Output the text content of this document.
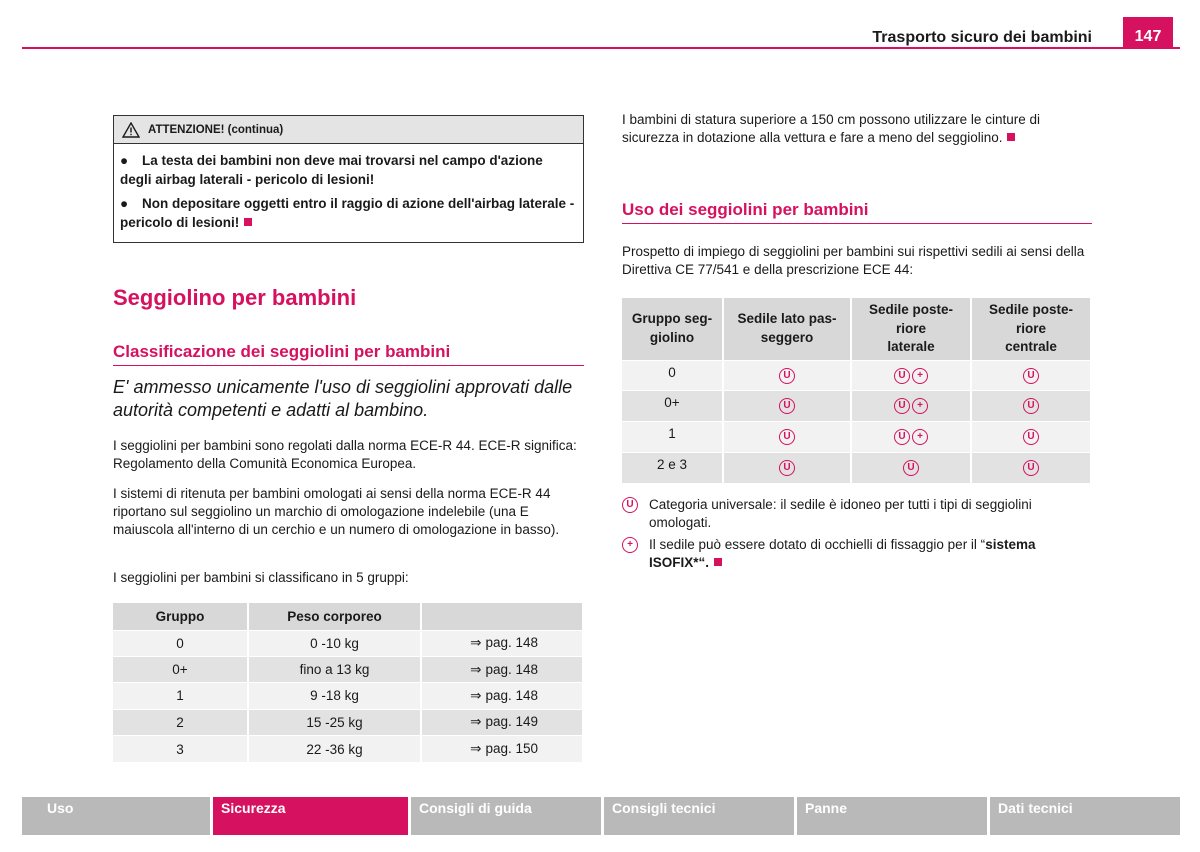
Trasporto sicuro dei bambini	147
ATTENZIONE! (continua)

● La testa dei bambini non deve mai trovarsi nel campo d'azione degli airbag laterali - pericolo di lesioni!

● Non depositare oggetti entro il raggio di azione dell'airbag laterale - pericolo di lesioni!

Seggiolino per bambini
Classificazione dei seggiolini per bambini

E' ammesso unicamente l'uso di seggiolini approvati dalle autorità competenti e adatti al bambino.

I seggiolini per bambini sono regolati dalla norma ECE-R 44. ECE-R significa: Regolamento della Comunità Economica Europea.

I sistemi di ritenuta per bambini omologati ai sensi della norma ECE-R 44 riportano sul seggiolino un marchio di omologazione indelebile (una E maiuscola all'interno di un cerchio e un numero di omologazione in basso).

I seggiolini per bambini si classificano in 5 gruppi:

Gruppo	Peso corporeo	
0	0 -10 kg	⇒ pag. 148
0+	fino a 13 kg	⇒ pag. 148
1	9 -18 kg	⇒ pag. 148
2	15 -25 kg	⇒ pag. 149
3	22 -36 kg	⇒ pag. 150

I bambini di statura superiore a 150 cm possono utilizzare le cinture di sicurezza in dotazione alla vettura e fare a meno del seggiolino.

Uso dei seggiolini per bambini

Prospetto di impiego di seggiolini per bambini sui rispettivi sedili ai sensi della Direttiva CE 77/541 e della prescrizione ECE 44:

Gruppo seg-
giolino	Sedile lato pas-
seggero	Sedile poste-
riore
laterale	Sedile poste-
riore
centrale
0	U	U +	U
0+	U	U +	U
1	U	U +	U
2 e 3	U	U	U
U	Categoria universale: il sedile è idoneo per tutti i tipi di seggiolini omologati.
+	Il sedile può essere dotato di occhielli di fissaggio per il “sistema ISOFIX*“.
Uso	Sicurezza	Consigli di guida	Consigli tecnici	Panne	Dati tecnici
